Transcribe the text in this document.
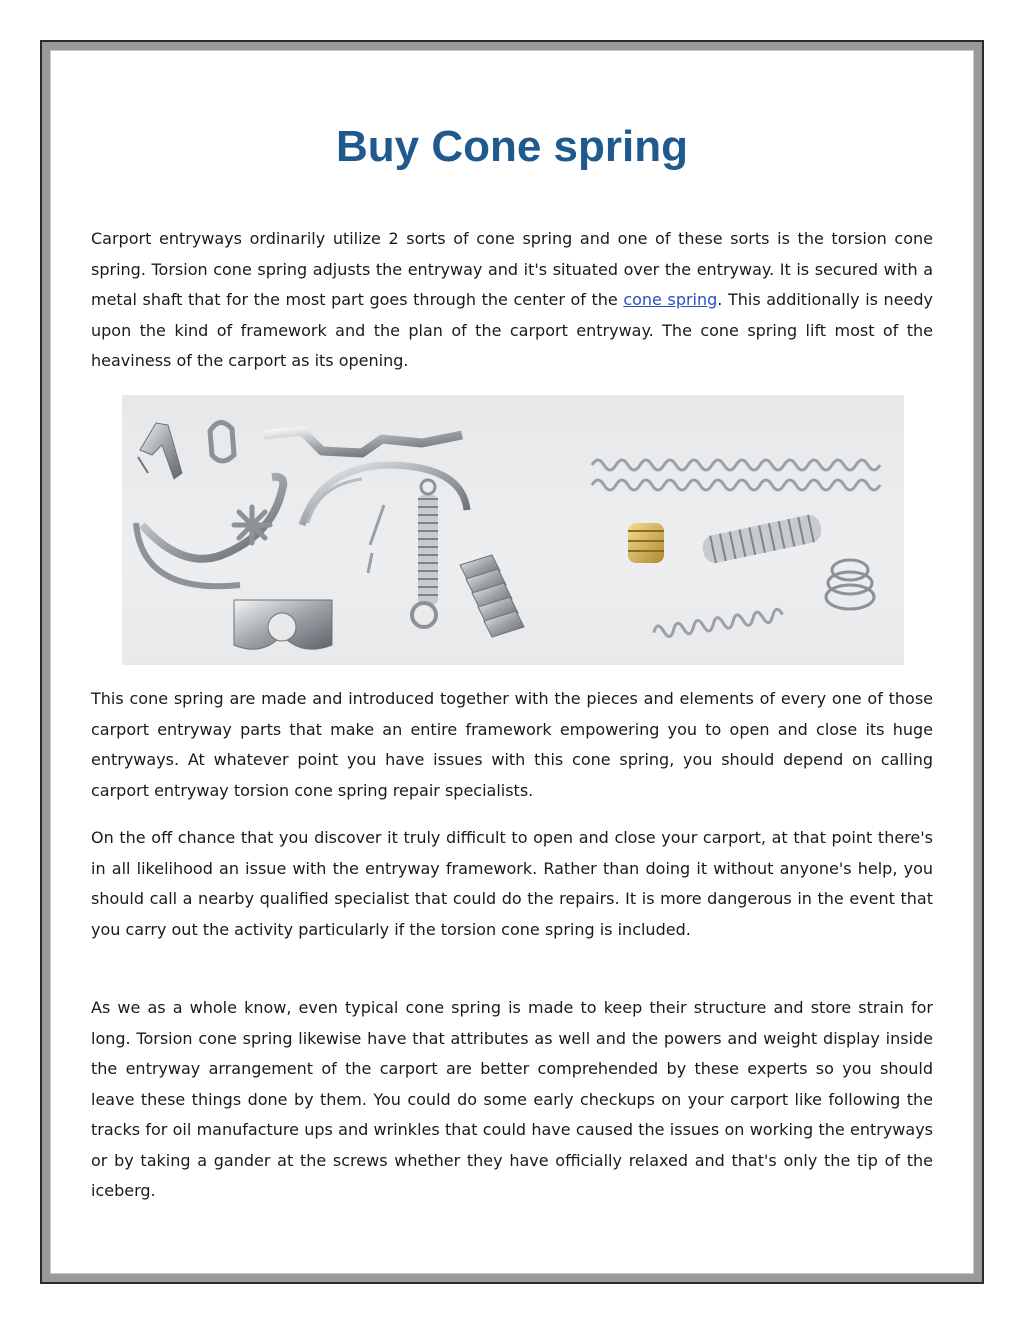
Buy Cone spring

Carport entryways ordinarily utilize 2 sorts of cone spring and one of these sorts is the torsion cone spring. Torsion cone spring adjusts the entryway and it's situated over the entryway. It is secured with a metal shaft that for the most part goes through the center of the cone spring. This additionally is needy upon the kind of framework and the plan of the carport entryway. The cone spring lift most of the heaviness of the carport as its opening.

This cone spring are made and introduced together with the pieces and elements of every one of those carport entryway parts that make an entire framework empowering you to open and close its huge entryways. At whatever point you have issues with this cone spring, you should depend on calling carport entryway torsion cone spring repair specialists.

On the off chance that you discover it truly difficult to open and close your carport, at that point there's in all likelihood an issue with the entryway framework. Rather than doing it without anyone's help, you should call a nearby qualified specialist that could do the repairs. It is more dangerous in the event that you carry out the activity particularly if the torsion cone spring is included.

As we as a whole know, even typical cone spring is made to keep their structure and store strain for long. Torsion cone spring likewise have that attributes as well and the powers and weight display inside the entryway arrangement of the carport are better comprehended by these experts so you should leave these things done by them. You could do some early checkups on your carport like following the tracks for oil manufacture ups and wrinkles that could have caused the issues on working the entryways or by taking a gander at the screws whether they have officially relaxed and that's only the tip of the iceberg.
